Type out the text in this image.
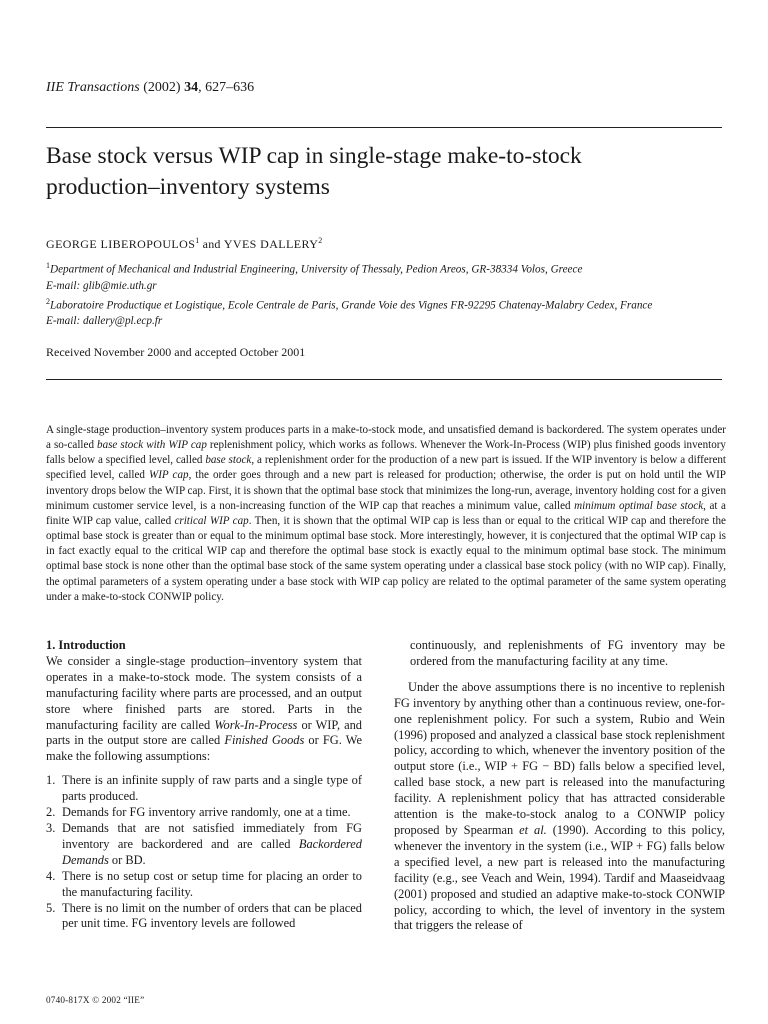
IIE Transactions (2002) 34, 627–636
Base stock versus WIP cap in single-stage make-to-stock
production–inventory systems
GEORGE LIBEROPOULOS$^1$ and YVES DALLERY$^2$

$^1$Department of Mechanical and Industrial Engineering, University of Thessaly, Pedion Areos, GR-38334 Volos, Greece

E-mail: glib@mie.uth.gr

$^2$Laboratoire Productique et Logistique, Ecole Centrale de Paris, Grande Voie des Vignes FR-92295 Chatenay-Malabry Cedex, France

E-mail: dallery@pl.ecp.fr

Received November 2000 and accepted October 2001
A single-stage production–inventory system produces parts in a make-to-stock mode, and unsatisfied demand is backordered. The system operates under a so-called base stock with WIP cap replenishment policy, which works as follows. Whenever the Work-In-Process (WIP) plus finished goods inventory falls below a specified level, called base stock, a replenishment order for the production of a new part is issued. If the WIP inventory is below a different specified level, called WIP cap, the order goes through and a new part is released for production; otherwise, the order is put on hold until the WIP inventory drops below the WIP cap. First, it is shown that the optimal base stock that minimizes the long-run, average, inventory holding cost for a given minimum customer service level, is a non-increasing function of the WIP cap that reaches a minimum value, called minimum optimal base stock, at a finite WIP cap value, called critical WIP cap. Then, it is shown that the optimal WIP cap is less than or equal to the critical WIP cap and therefore the optimal base stock is greater than or equal to the minimum optimal base stock. More interestingly, however, it is conjectured that the optimal WIP cap is in fact exactly equal to the critical WIP cap and therefore the optimal base stock is exactly equal to the minimum optimal base stock. The minimum optimal base stock is none other than the optimal base stock of the same system operating under a classical base stock policy (with no WIP cap). Finally, the optimal parameters of a system operating under a base stock with WIP cap policy are related to the optimal parameter of the same system operating under a make-to-stock CONWIP policy.

1. Introduction

We consider a single-stage production–inventory system that operates in a make-to-stock mode. The system consists of a manufacturing facility where parts are processed, and an output store where finished parts are stored. Parts in the manufacturing facility are called Work-In-Process or WIP, and parts in the output store are called Finished Goods or FG. We make the following assumptions:

1. There is an infinite supply of raw parts and a single type of parts produced.
2. Demands for FG inventory arrive randomly, one at a time.
3. Demands that are not satisfied immediately from FG inventory are backordered and are called Backordered Demands or BD.
4. There is no setup cost or setup time for placing an order to the manufacturing facility.
5. There is no limit on the number of orders that can be placed per unit time. FG inventory levels are followed

continuously, and replenishments of FG inventory may be ordered from the manufacturing facility at any time.

Under the above assumptions there is no incentive to replenish FG inventory by anything other than a continuous review, one-for-one replenishment policy. For such a system, Rubio and Wein (1996) proposed and analyzed a classical base stock replenishment policy, according to which, whenever the inventory position of the output store (i.e., WIP + FG − BD) falls below a specified level, called base stock, a new part is released into the manufacturing facility. A replenishment policy that has attracted considerable attention is the make-to-stock analog to a CONWIP policy proposed by Spearman et al. (1990). According to this policy, whenever the inventory in the system (i.e., WIP + FG) falls below a specified level, a new part is released into the manufacturing facility (e.g., see Veach and Wein, 1994). Tardif and Maaseidvaag (2001) proposed and studied an adaptive make-to-stock CONWIP policy, according to which, the level of inventory in the system that triggers the release of

0740-817X © 2002 “IIE”
